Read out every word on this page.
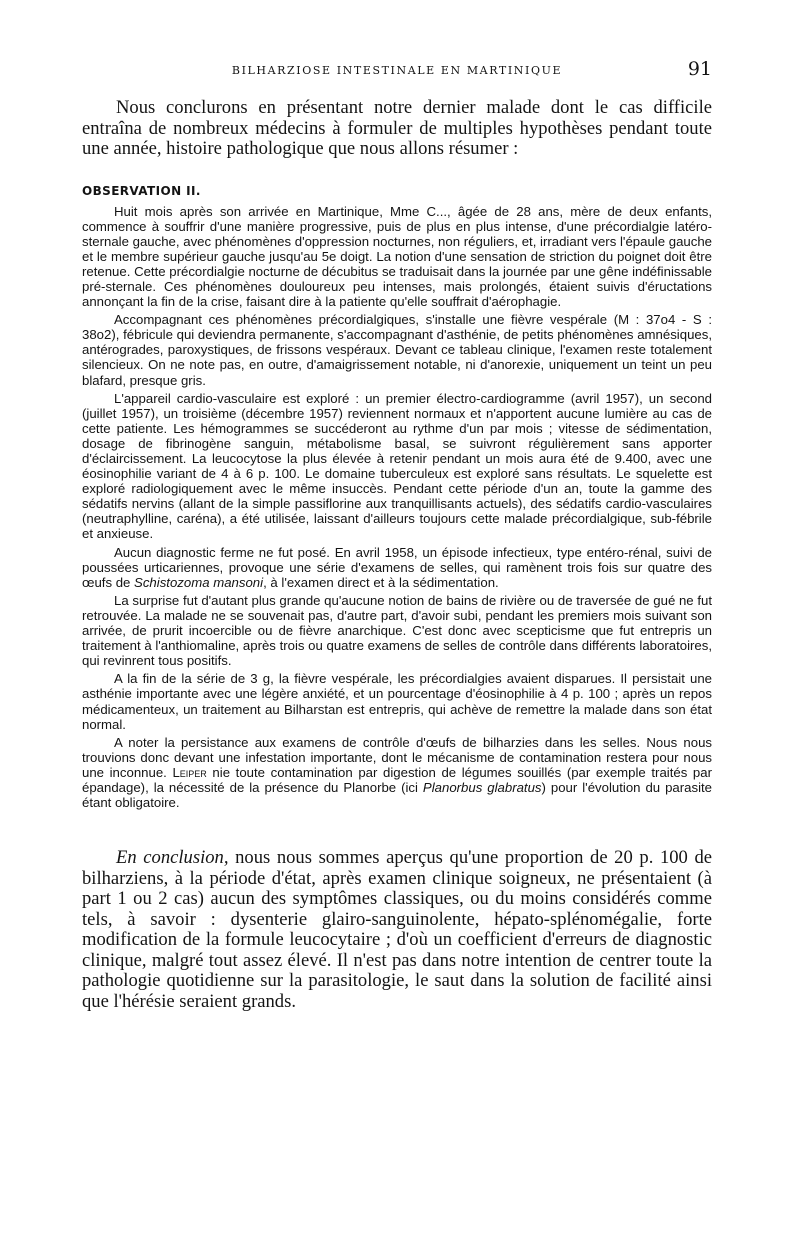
BILHARZIOSE INTESTINALE EN MARTINIQUE	91

Nous conclurons en présentant notre dernier malade dont le cas difficile entraîna de nombreux médecins à formuler de multiples hypothèses pendant toute une année, histoire pathologique que nous allons résumer :

OBSERVATION II.

Huit mois après son arrivée en Martinique, Mme C..., âgée de 28 ans, mère de deux enfants, commence à souffrir d'une manière progressive, puis de plus en plus intense, d'une précordialgie latéro-sternale gauche, avec phénomènes d'oppression nocturnes, non réguliers, et, irradiant vers l'épaule gauche et le membre supérieur gauche jusqu'au 5e doigt. La notion d'une sensation de striction du poignet doit être retenue. Cette précordialgie nocturne de décubitus se traduisait dans la journée par une gêne indéfinissable pré-sternale. Ces phénomènes douloureux peu intenses, mais prolongés, étaient suivis d'éructations annonçant la fin de la crise, faisant dire à la patiente qu'elle souffrait d'aérophagie.

Accompagnant ces phénomènes précordialgiques, s'installe une fièvre vespérale (M : 37o4 - S : 38o2), fébricule qui deviendra permanente, s'accompagnant d'asthénie, de petits phénomènes amnésiques, antérogrades, paroxystiques, de frissons vespéraux. Devant ce tableau clinique, l'examen reste totalement silencieux. On ne note pas, en outre, d'amaigrissement notable, ni d'anorexie, uniquement un teint un peu blafard, presque gris.

L'appareil cardio-vasculaire est exploré : un premier électro-cardiogramme (avril 1957), un second (juillet 1957), un troisième (décembre 1957) reviennent normaux et n'apportent aucune lumière au cas de cette patiente. Les hémogrammes se succéderont au rythme d'un par mois ; vitesse de sédimentation, dosage de fibrinogène sanguin, métabolisme basal, se suivront régulièrement sans apporter d'éclaircissement. La leucocytose la plus élevée à retenir pendant un mois aura été de 9.400, avec une éosinophilie variant de 4 à 6 p. 100. Le domaine tuberculeux est exploré sans résultats. Le squelette est exploré radiologiquement avec le même insuccès. Pendant cette période d'un an, toute la gamme des sédatifs nervins (allant de la simple passiflorine aux tranquillisants actuels), des sédatifs cardio-vasculaires (neutraphylline, caréna), a été utilisée, laissant d'ailleurs toujours cette malade précordialgique, sub-fébrile et anxieuse.

Aucun diagnostic ferme ne fut posé. En avril 1958, un épisode infectieux, type entéro-rénal, suivi de poussées urticariennes, provoque une série d'examens de selles, qui ramènent trois fois sur quatre des œufs de Schistozoma mansoni, à l'examen direct et à la sédimentation.

La surprise fut d'autant plus grande qu'aucune notion de bains de rivière ou de traversée de gué ne fut retrouvée. La malade ne se souvenait pas, d'autre part, d'avoir subi, pendant les premiers mois suivant son arrivée, de prurit incoercible ou de fièvre anarchique. C'est donc avec scepticisme que fut entrepris un traitement à l'anthiomaline, après trois ou quatre examens de selles de contrôle dans différents laboratoires, qui revinrent tous positifs.

A la fin de la série de 3 g, la fièvre vespérale, les précordialgies avaient disparues. Il persistait une asthénie importante avec une légère anxiété, et un pourcentage d'éosinophilie à 4 p. 100 ; après un repos médicamenteux, un traitement au Bilharstan est entrepris, qui achève de remettre la malade dans son état normal.

A noter la persistance aux examens de contrôle d'œufs de bilharzies dans les selles. Nous nous trouvions donc devant une infestation importante, dont le mécanisme de contamination restera pour nous une inconnue. Leiper nie toute contamination par digestion de légumes souillés (par exemple traités par épandage), la nécessité de la présence du Planorbe (ici Planorbus glabratus) pour l'évolution du parasite étant obligatoire.

En conclusion, nous nous sommes aperçus qu'une proportion de 20 p. 100 de bilharziens, à la période d'état, après examen clinique soigneux, ne présentaient (à part 1 ou 2 cas) aucun des symptômes classiques, ou du moins considérés comme tels, à savoir : dysenterie glairo-sanguinolente, hépato-splénomégalie, forte modification de la formule leucocytaire ; d'où un coefficient d'erreurs de diagnostic clinique, malgré tout assez élevé. Il n'est pas dans notre intention de centrer toute la pathologie quotidienne sur la parasitologie, le saut dans la solution de facilité ainsi que l'hérésie seraient grands.
